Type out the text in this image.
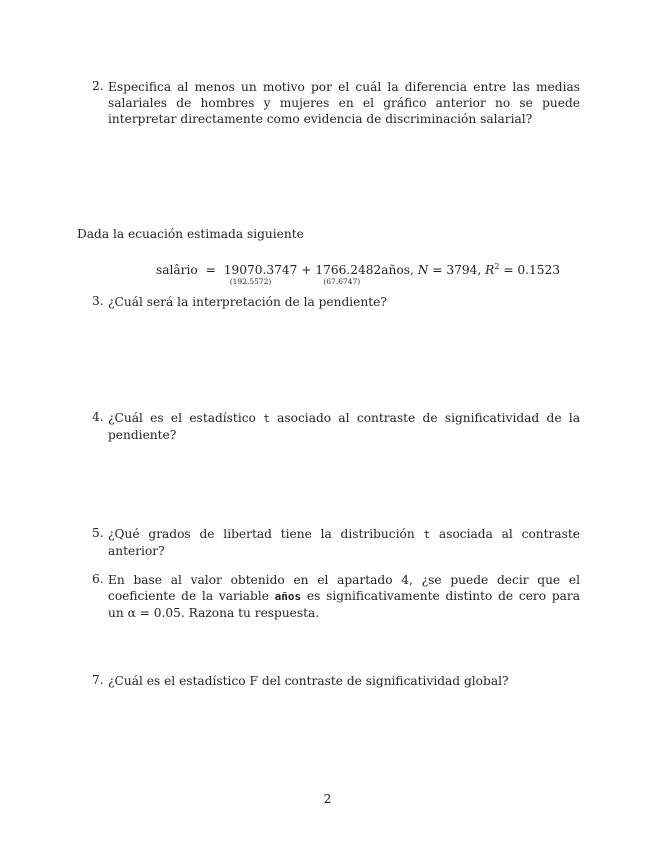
2. Especifica al menos un motivo por el cuál la diferencia entre las medias salariales de hombres y mujeres en el gráfico anterior no se puede interpretar directamente como evidencia de discriminación salarial?
Dada la ecuación estimada siguiente
salârio = 19070.3747
(192.5572)
+ 1766.2482
(67.6747)
años, N = 3794, $R^2 = 0.1523$
3. ¿Cuál será la interpretación de la pendiente?
4. ¿Cuál es el estadístico t asociado al contraste de significatividad de la pendiente?
5. ¿Qué grados de libertad tiene la distribución t asociada al contraste anterior?
6. En base al valor obtenido en el apartado 4, ¿se puede decir que el coeficiente de la variable años es significativamente distinto de cero para un α = 0.05. Razona tu respuesta.
7. ¿Cuál es el estadístico F del contraste de significatividad global?
2
